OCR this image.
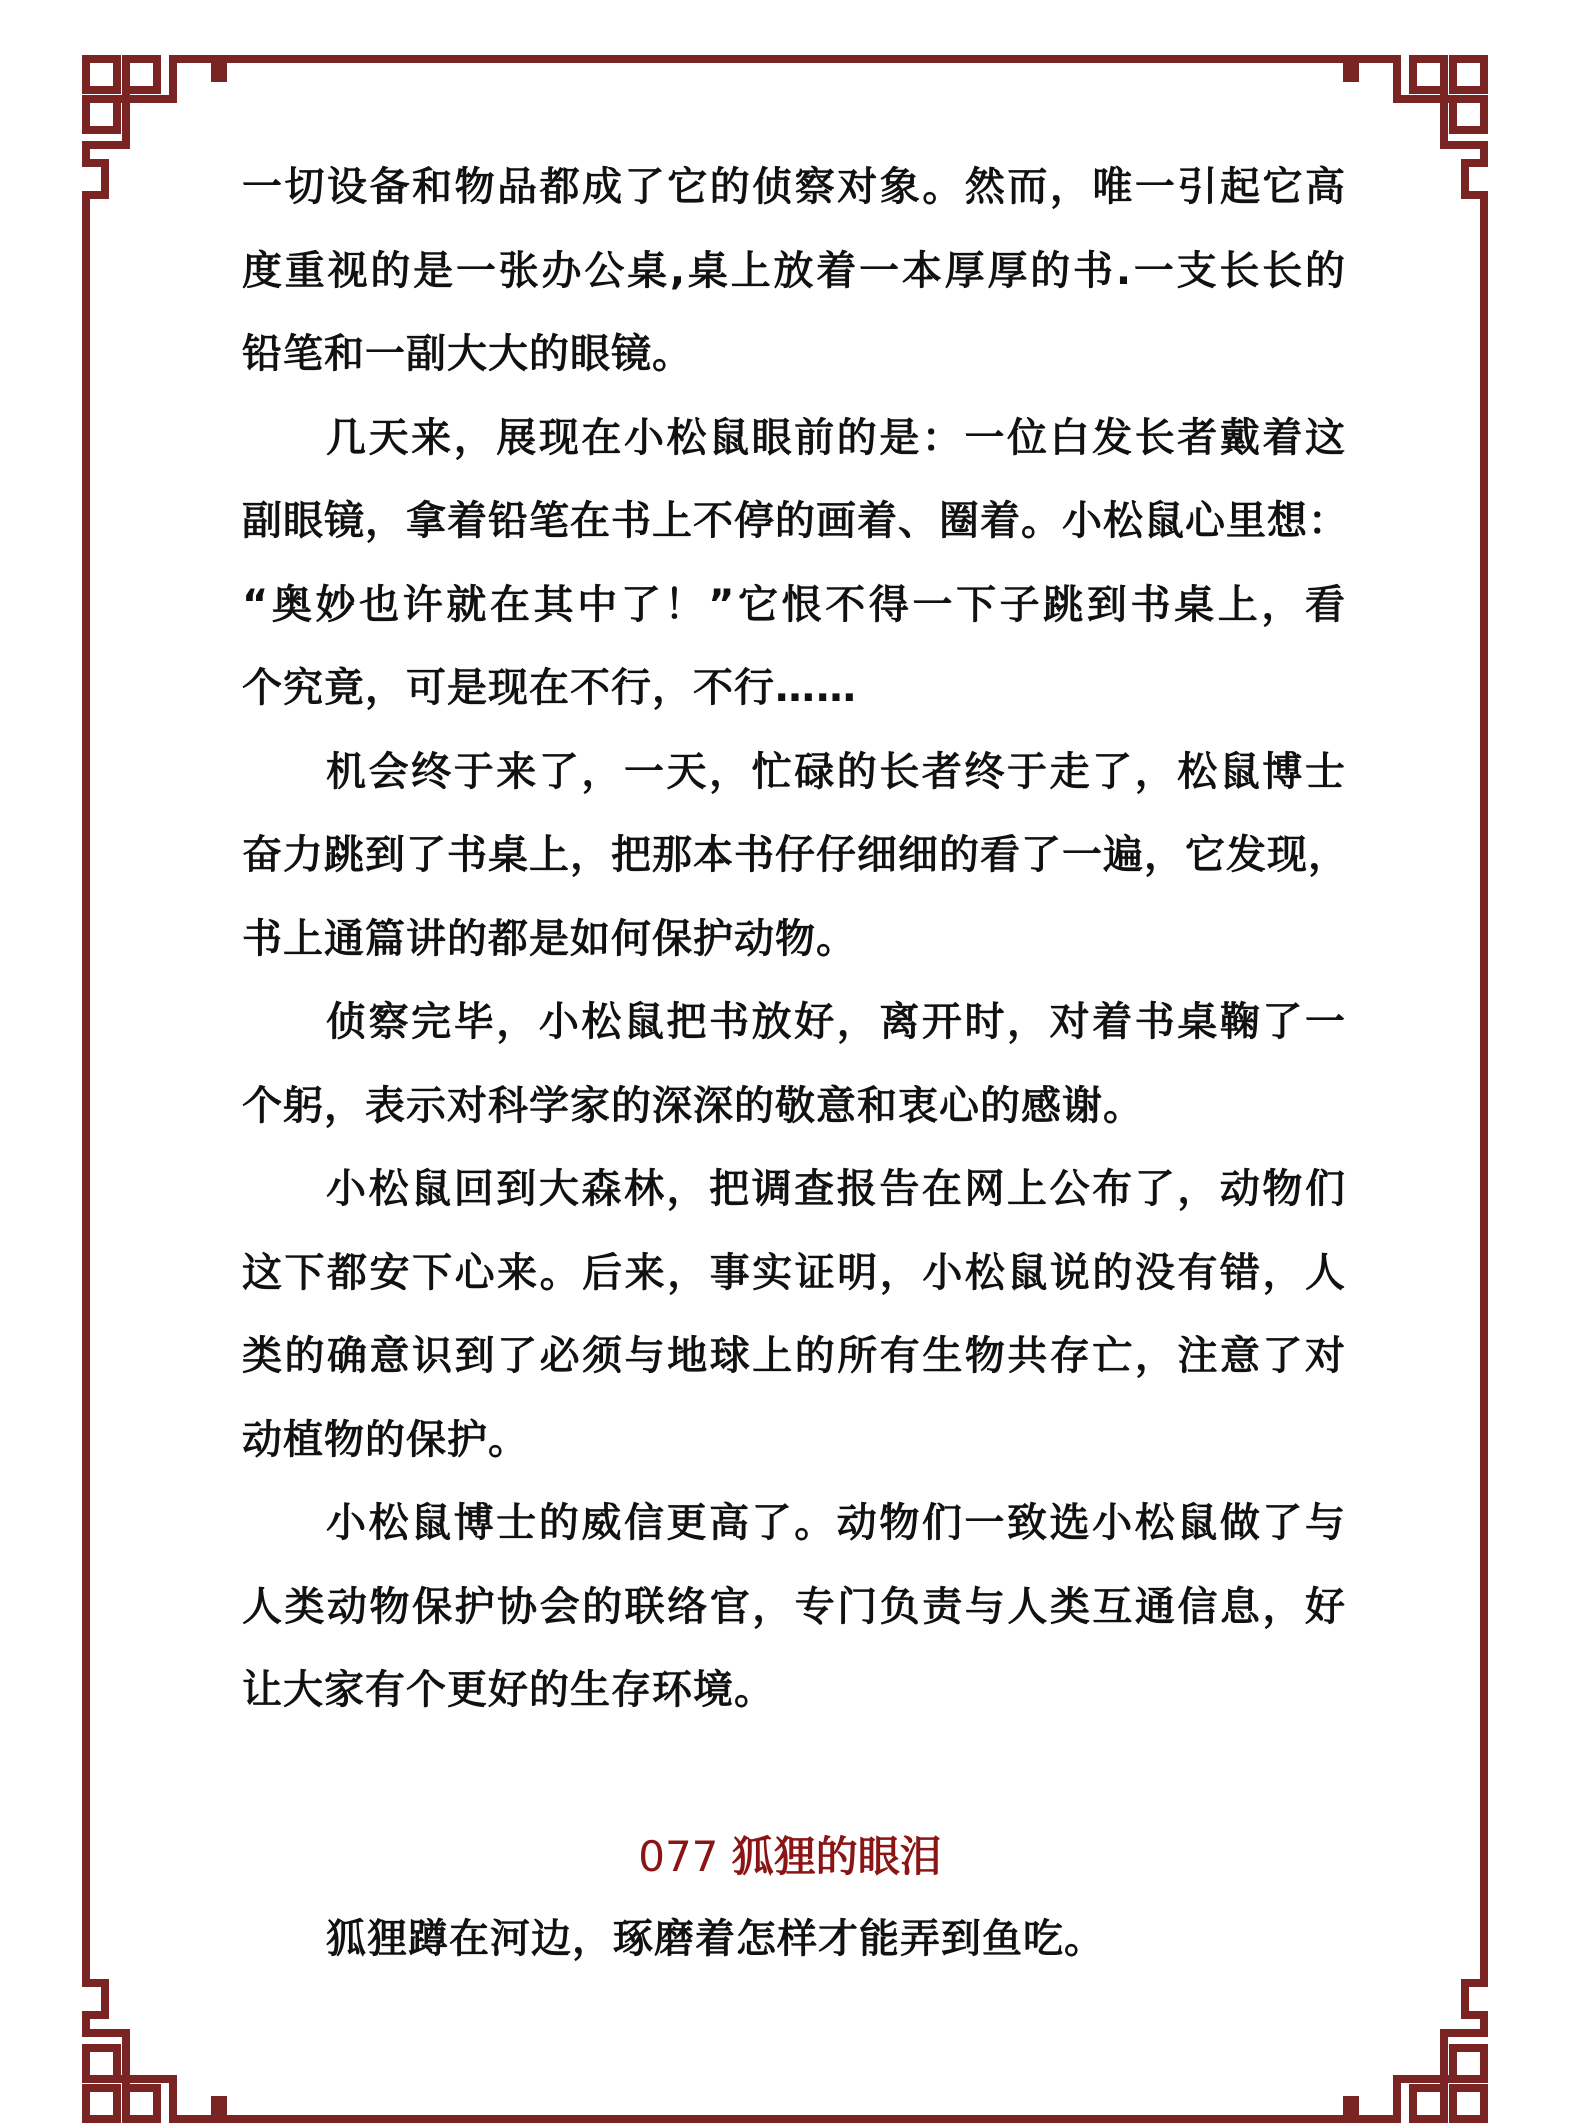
一切设备和物品都成了它的侦察对象。然而，唯一引起它高
度重视的是一张办公桌,桌上放着一本厚厚的书.一支长长的
铅笔和一副大大的眼镜。
几天来，展现在小松鼠眼前的是：一位白发长者戴着这
副眼镜，拿着铅笔在书上不停的画着、圈着。小松鼠心里想：
“奥妙也许就在其中了！”它恨不得一下子跳到书桌上，看
个究竟，可是现在不行，不行……
机会终于来了，一天，忙碌的长者终于走了，松鼠博士
奋力跳到了书桌上，把那本书仔仔细细的看了一遍，它发现，
书上通篇讲的都是如何保护动物。
侦察完毕，小松鼠把书放好，离开时，对着书桌鞠了一
个躬，表示对科学家的深深的敬意和衷心的感谢。
小松鼠回到大森林，把调查报告在网上公布了，动物们
这下都安下心来。后来，事实证明，小松鼠说的没有错，人
类的确意识到了必须与地球上的所有生物共存亡，注意了对
动植物的保护。
小松鼠博士的威信更高了。动物们一致选小松鼠做了与
人类动物保护协会的联络官，专门负责与人类互通信息，好
让大家有个更好的生存环境。
077 狐狸的眼泪
狐狸蹲在河边，琢磨着怎样才能弄到鱼吃。
